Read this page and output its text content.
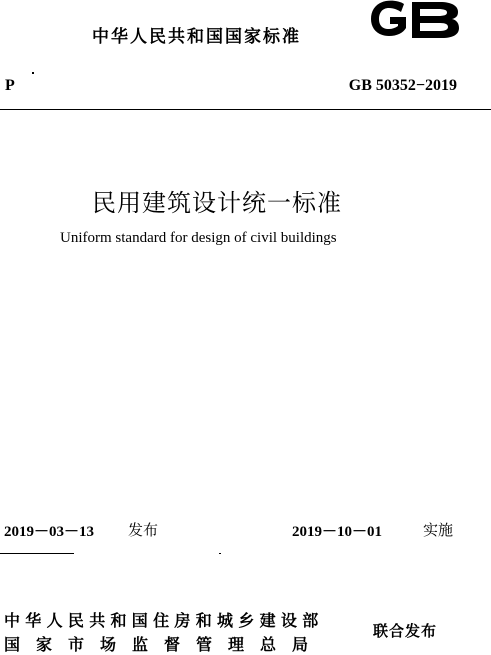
中华人民共和国国家标准
P	GB 50352−2019
民用建筑设计统一标准
Uniform standard for design of civil buildings
2019－03－13 发布	2019－10－01	实施
中华人民共和国住房和城乡建设部
国家市场监督管理总局
联合发布
